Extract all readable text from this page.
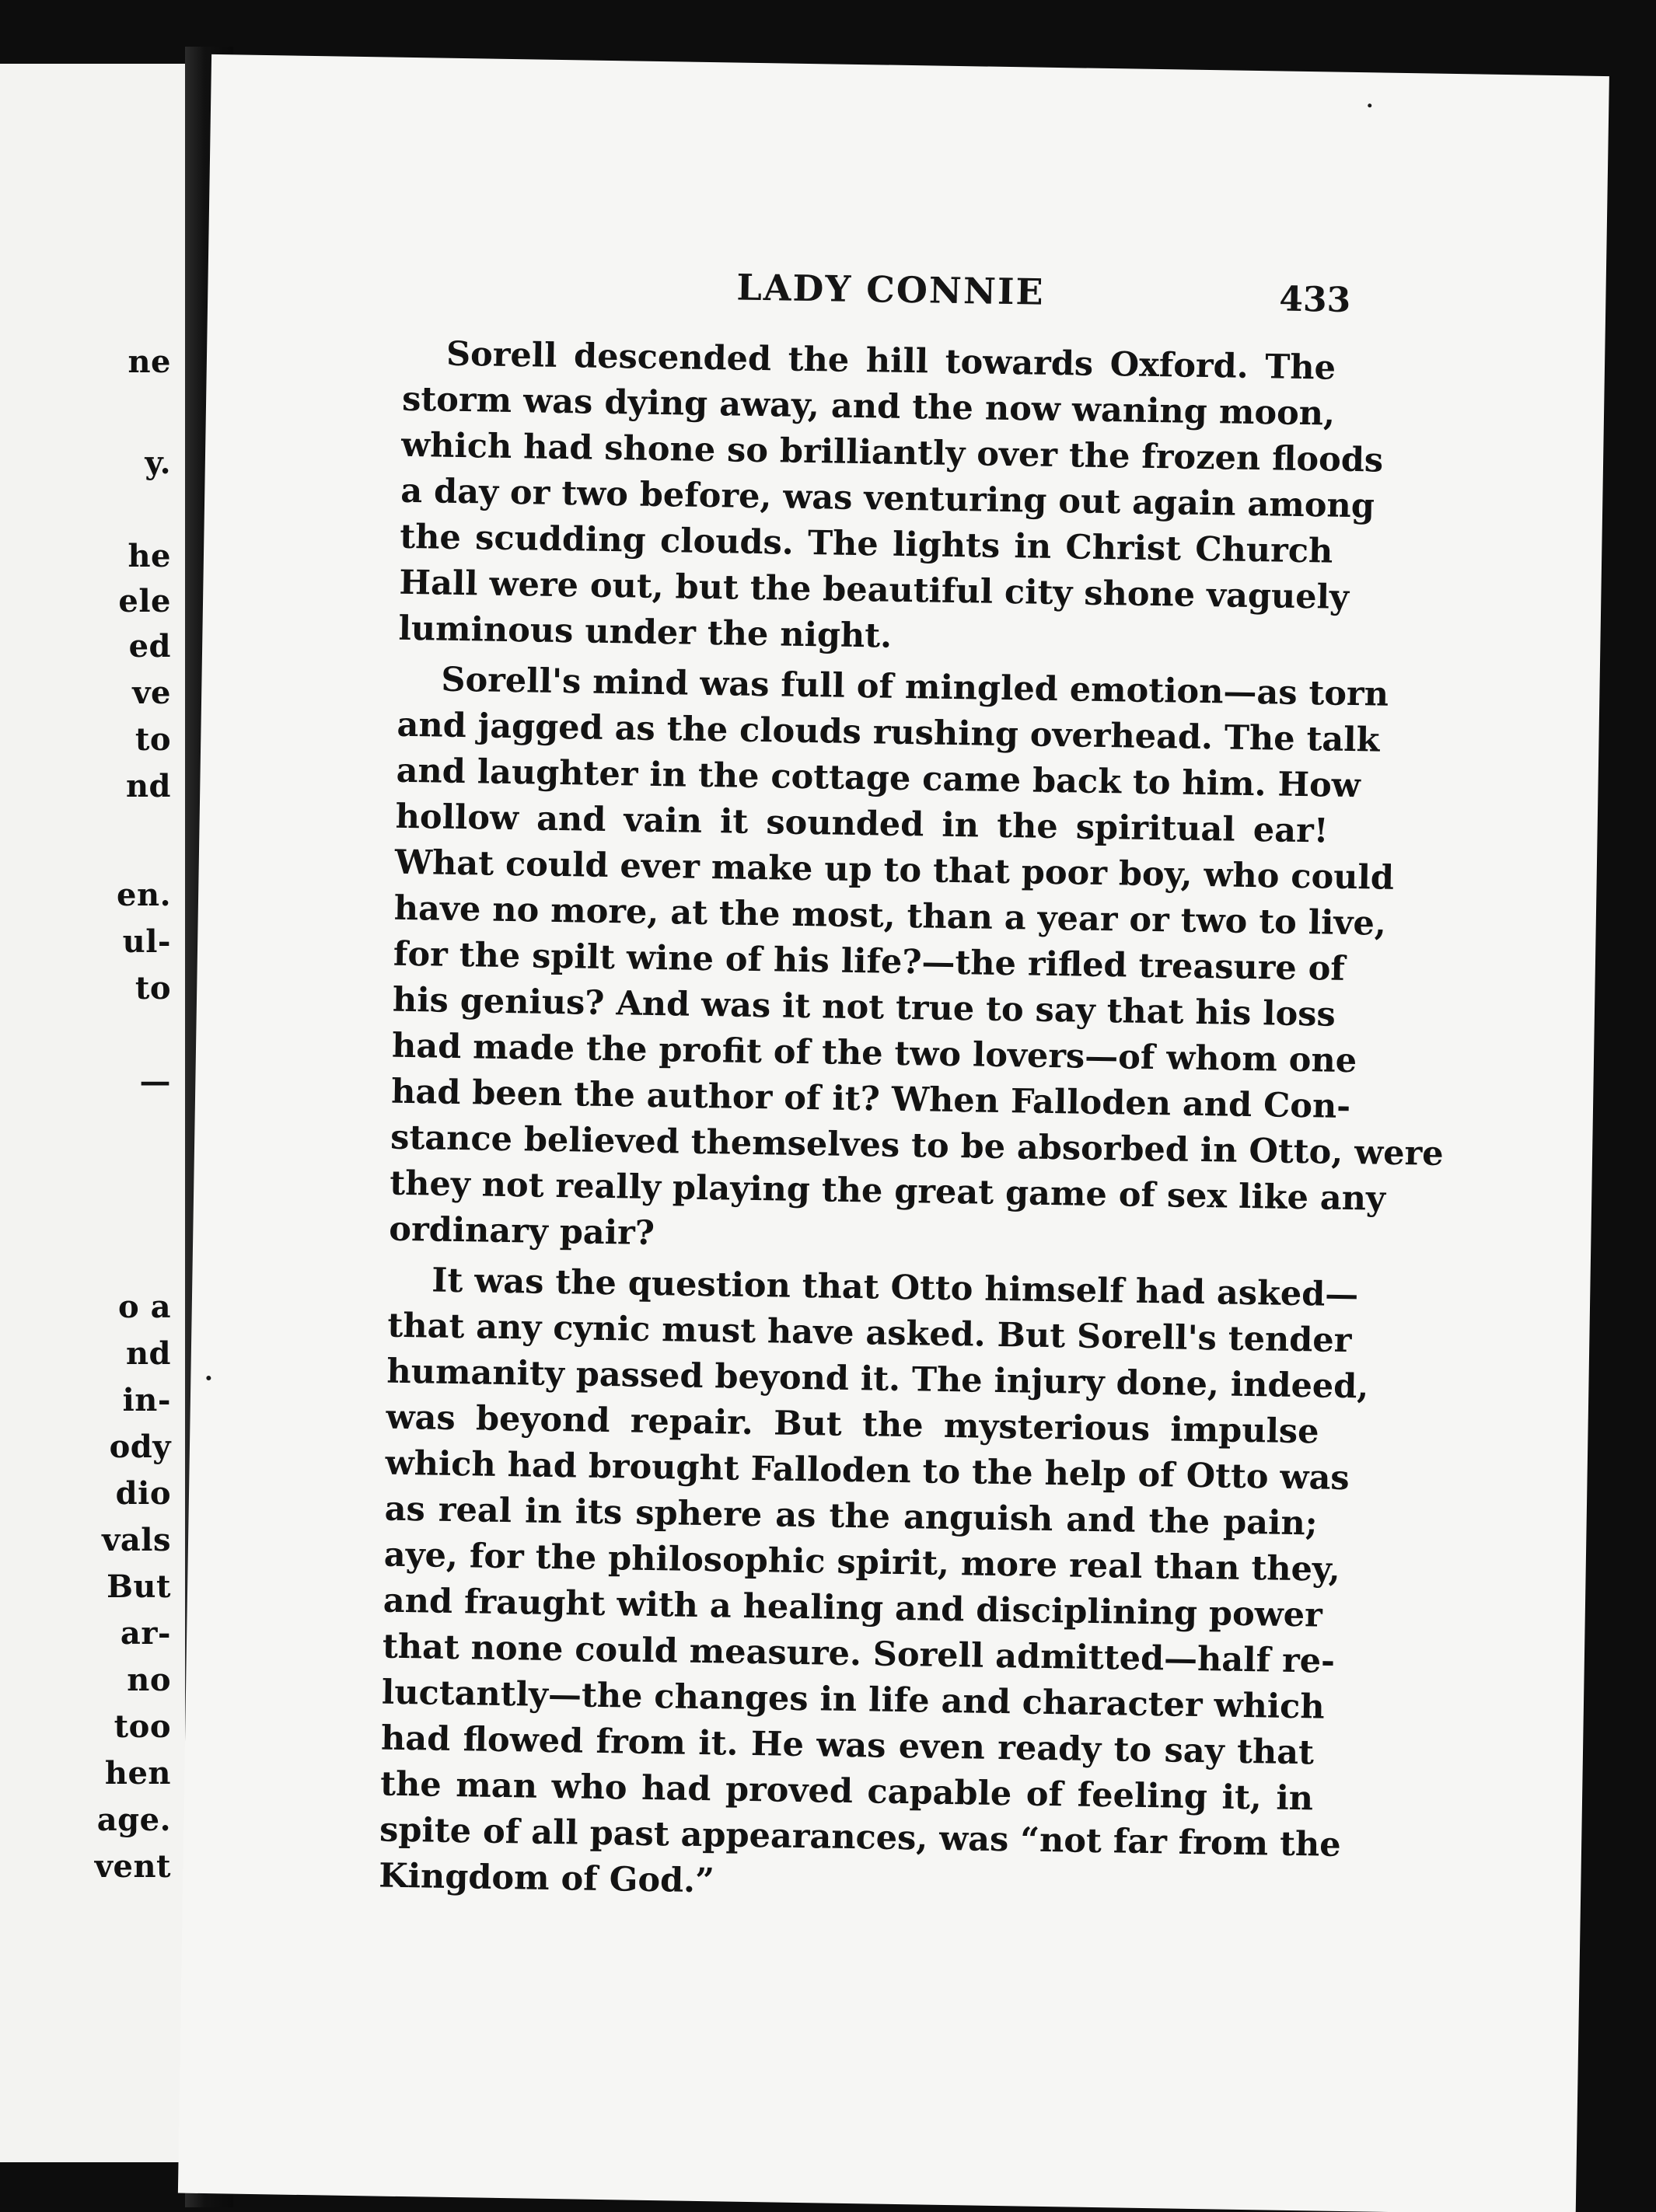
ne
y.
he
ele
ed
ve
to
nd
en.
ul-
to
—
o a
nd
in-
ody
dio
vals
But
ar-
no
too
hen
age.
vent
LADY CONNIE	433
Sorell descended the hill towards Oxford. The
storm was dying away, and the now waning moon,
which had shone so brilliantly over the frozen floods
a day or two before, was venturing out again among
the scudding clouds. The lights in Christ Church
Hall were out, but the beautiful city shone vaguely
luminous under the night.
Sorell's mind was full of mingled emotion—as torn
and jagged as the clouds rushing overhead. The talk
and laughter in the cottage came back to him. How
hollow and vain it sounded in the spiritual ear!
What could ever make up to that poor boy, who could
have no more, at the most, than a year or two to live,
for the spilt wine of his life?—the rifled treasure of
his genius? And was it not true to say that his loss
had made the profit of the two lovers—of whom one
had been the author of it? When Falloden and Con-
stance believed themselves to be absorbed in Otto, were
they not really playing the great game of sex like any
ordinary pair?
It was the question that Otto himself had asked—
that any cynic must have asked. But Sorell's tender
humanity passed beyond it. The injury done, indeed,
was beyond repair. But the mysterious impulse
which had brought Falloden to the help of Otto was
as real in its sphere as the anguish and the pain;
aye, for the philosophic spirit, more real than they,
and fraught with a healing and disciplining power
that none could measure. Sorell admitted—half re-
luctantly—the changes in life and character which
had flowed from it. He was even ready to say that
the man who had proved capable of feeling it, in
spite of all past appearances, was “not far from the
Kingdom of God.”
